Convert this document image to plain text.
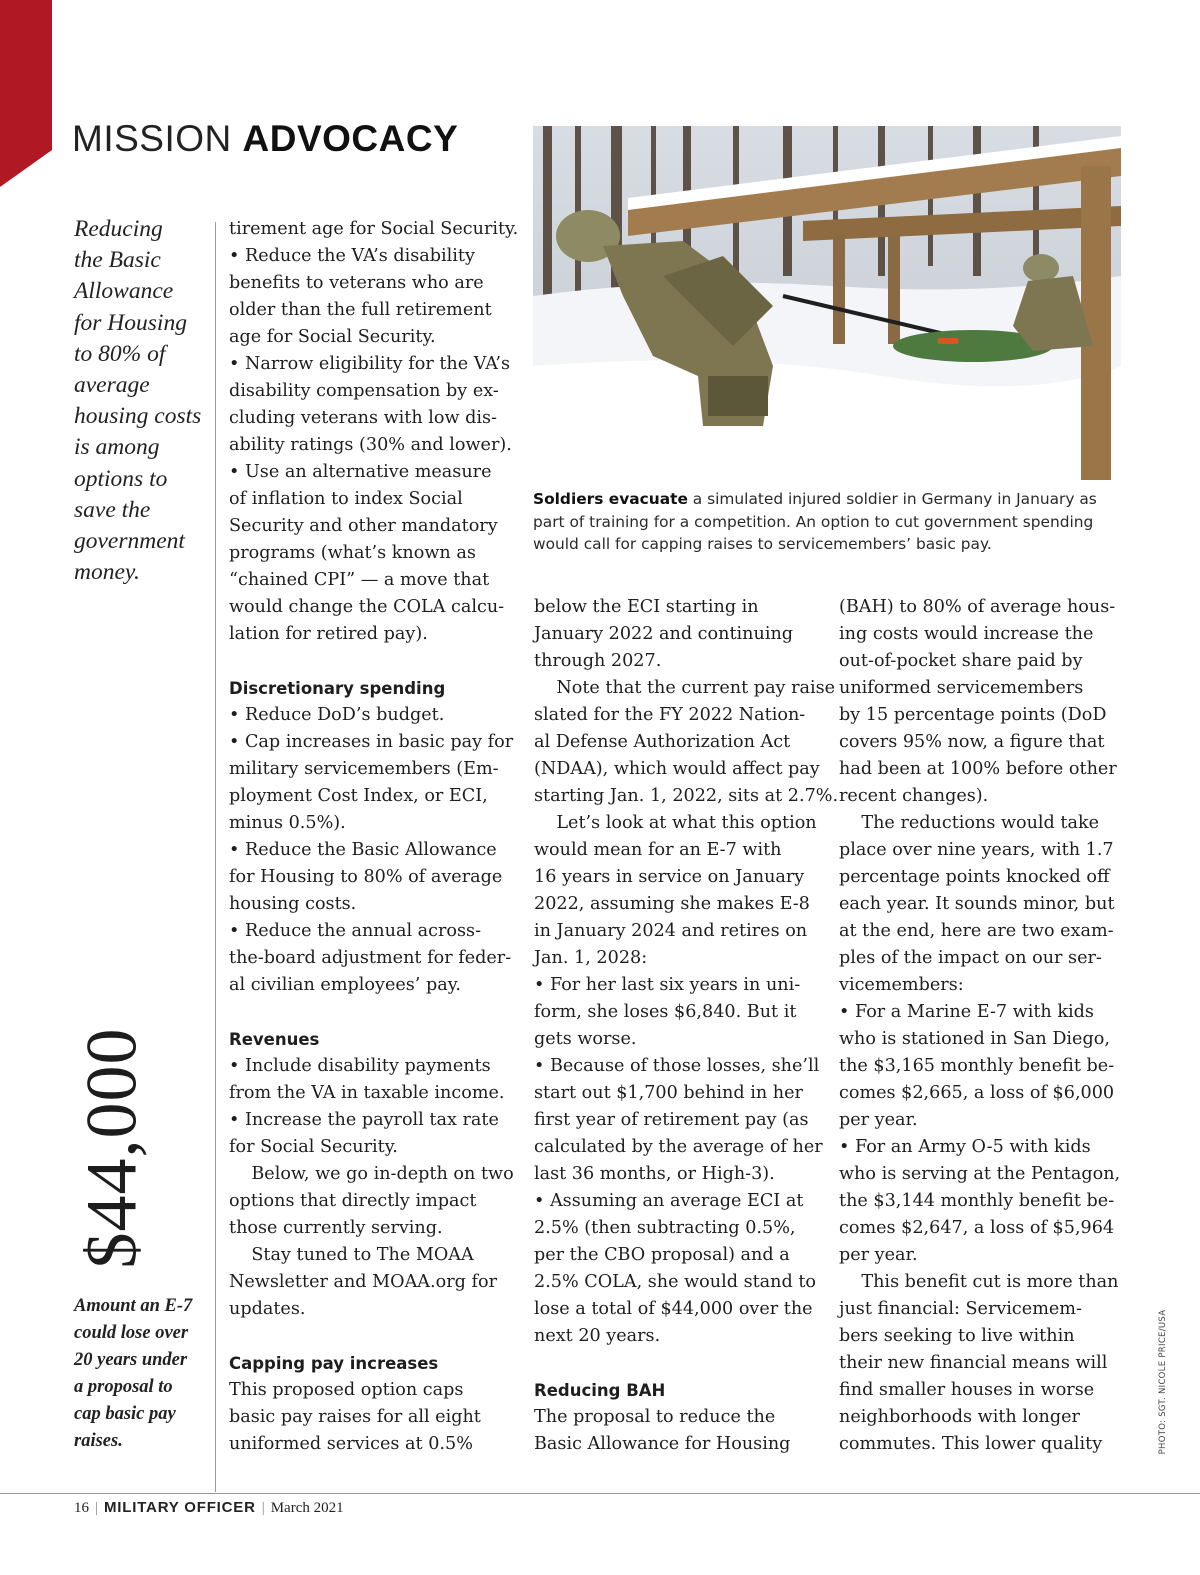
MISSION ADVOCACY
Reducing
the Basic
Allowance
for Housing
to 80% of
average
housing costs
is among
options to
save the
government
money.
$44,000
Amount an E-7
could lose over
20 years under
a proposal to
cap basic pay
raises.
tirement age for Social Security.
• Reduce the VA’s disability
benefits to veterans who are
older than the full retirement
age for Social Security.
• Narrow eligibility for the VA’s
disability compensation by ex-
cluding veterans with low dis-
ability ratings (30% and lower).
• Use an alternative measure
of inflation to index Social
Security and other mandatory
programs (what’s known as
“chained CPI” — a move that
would change the COLA calcu-
lation for retired pay).
Discretionary spending
• Reduce DoD’s budget.
• Cap increases in basic pay for
military servicemembers (Em-
ployment Cost Index, or ECI,
minus 0.5%).
• Reduce the Basic Allowance
for Housing to 80% of average
housing costs.
• Reduce the annual across-
the-board adjustment for feder-
al civilian employees’ pay.
Revenues
• Include disability payments
from the VA in taxable income.
• Increase the payroll tax rate
for Social Security.
Below, we go in-depth on two
options that directly impact
those currently serving.
Stay tuned to The MOAA
Newsletter and MOAA.org for
updates.
Capping pay increases
This proposed option caps
basic pay raises for all eight
uniformed services at 0.5%
below the ECI starting in
January 2022 and continuing
through 2027.
Note that the current pay raise
slated for the FY 2022 Nation-
al Defense Authorization Act
(NDAA), which would affect pay
starting Jan. 1, 2022, sits at 2.7%.
Let’s look at what this option
would mean for an E-7 with
16 years in service on January
2022, assuming she makes E-8
in January 2024 and retires on
Jan. 1, 2028:
• For her last six years in uni-
form, she loses $6,840. But it
gets worse.
• Because of those losses, she’ll
start out $1,700 behind in her
first year of retirement pay (as
calculated by the average of her
last 36 months, or High-3).
• Assuming an average ECI at
2.5% (then subtracting 0.5%,
per the CBO proposal) and a
2.5% COLA, she would stand to
lose a total of $44,000 over the
next 20 years.
Reducing BAH
The proposal to reduce the
Basic Allowance for Housing
(BAH) to 80% of average hous-
ing costs would increase the
out-of-pocket share paid by
uniformed servicemembers
by 15 percentage points (DoD
covers 95% now, a figure that
had been at 100% before other
recent changes).
The reductions would take
place over nine years, with 1.7
percentage points knocked off
each year. It sounds minor, but
at the end, here are two exam-
ples of the impact on our ser-
vicemembers:
• For a Marine E-7 with kids
who is stationed in San Diego,
the $3,165 monthly benefit be-
comes $2,665, a loss of $6,000
per year.
• For an Army O-5 with kids
who is serving at the Pentagon,
the $3,144 monthly benefit be-
comes $2,647, a loss of $5,964
per year.
This benefit cut is more than
just financial: Servicemem-
bers seeking to live within
their new financial means will
find smaller houses in worse
neighborhoods with longer
commutes. This lower quality
Soldiers evacuate a simulated injured soldier in Germany in January as
part of training for a competition. An option to cut government spending
would call for capping raises to servicemembers’ basic pay.
PHOTO: SGT. NICOLE PRICE/USA
16 | MILITARY OFFICER | March 2021
